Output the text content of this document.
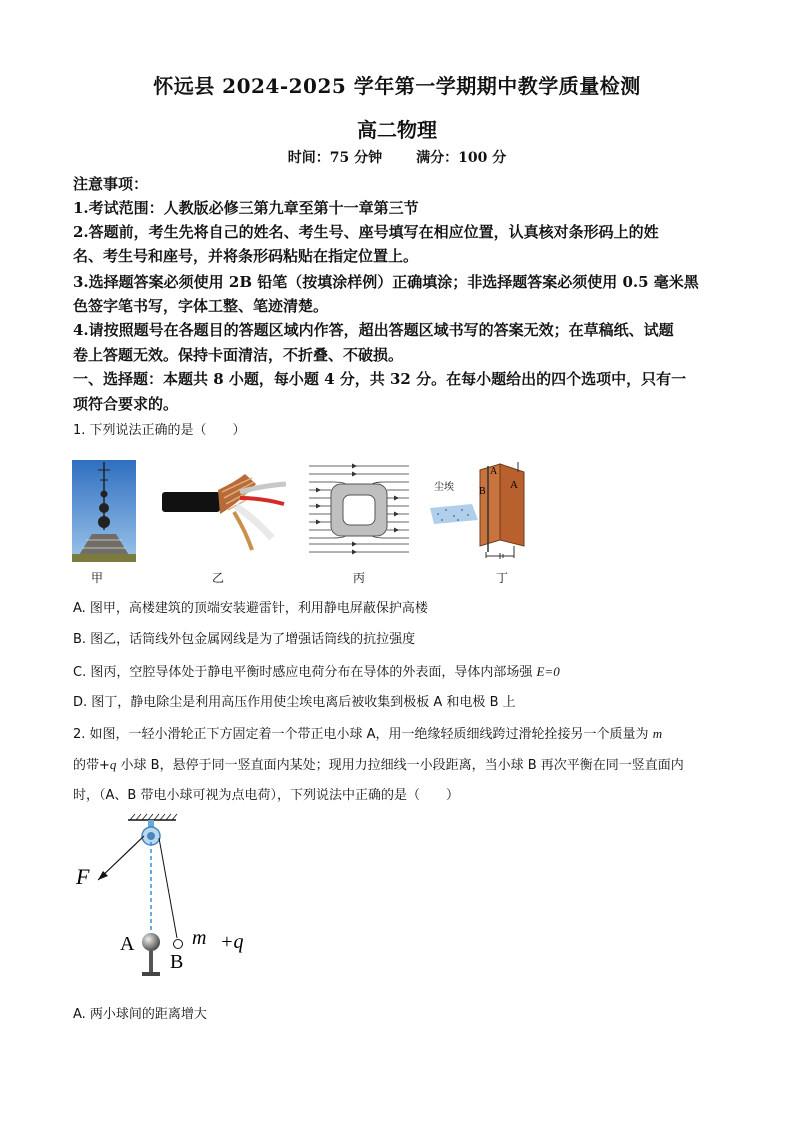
怀远县 2024-2025 学年第一学期期中教学质量检测
高二物理
时间：75 分钟 满分：100 分
注意事项：
1.考试范围：人教版必修三第九章至第十一章第三节
2.答题前，考生先将自己的姓名、考生号、座号填写在相应位置，认真核对条形码上的姓
名、考生号和座号，并将条形码粘贴在指定位置上。
3.选择题答案必须使用 2B 铅笔（按填涂样例）正确填涂；非选择题答案必须使用 0.5 毫米黑
色签字笔书写，字体工整、笔迹清楚。
4.请按照题号在各题目的答题区域内作答，超出答题区域书写的答案无效；在草稿纸、试题
卷上答题无效。保持卡面清洁，不折叠、不破损。
一、选择题：本题共 8 小题，每小题 4 分，共 32 分。在每小题给出的四个选项中，只有一
项符合要求的。
1. 下列说法正确的是（　　）
甲	乙	丙
尘埃
A
A
B
丁
A. 图甲，高楼建筑的顶端安装避雷针，利用静电屏蔽保护高楼
B. 图乙，话筒线外包金属网线是为了增强话筒线的抗拉强度
C. 图丙，空腔导体处于静电平衡时感应电荷分布在导体的外表面，导体内部场强 E=0
D. 图丁，静电除尘是利用高压作用使尘埃电离后被收集到极板 A 和电极 B 上
2. 如图，一轻小滑轮正下方固定着一个带正电小球 A，用一绝缘轻质细线跨过滑轮拴接另一个质量为 m
的带+q 小球 B，悬停于同一竖直面内某处；现用力拉细线一小段距离，当小球 B 再次平衡在同一竖直面内
时，（A、B 带电小球可视为点电荷），下列说法中正确的是（　　）
F
A
B
m +q
A. 两小球间的距离增大
